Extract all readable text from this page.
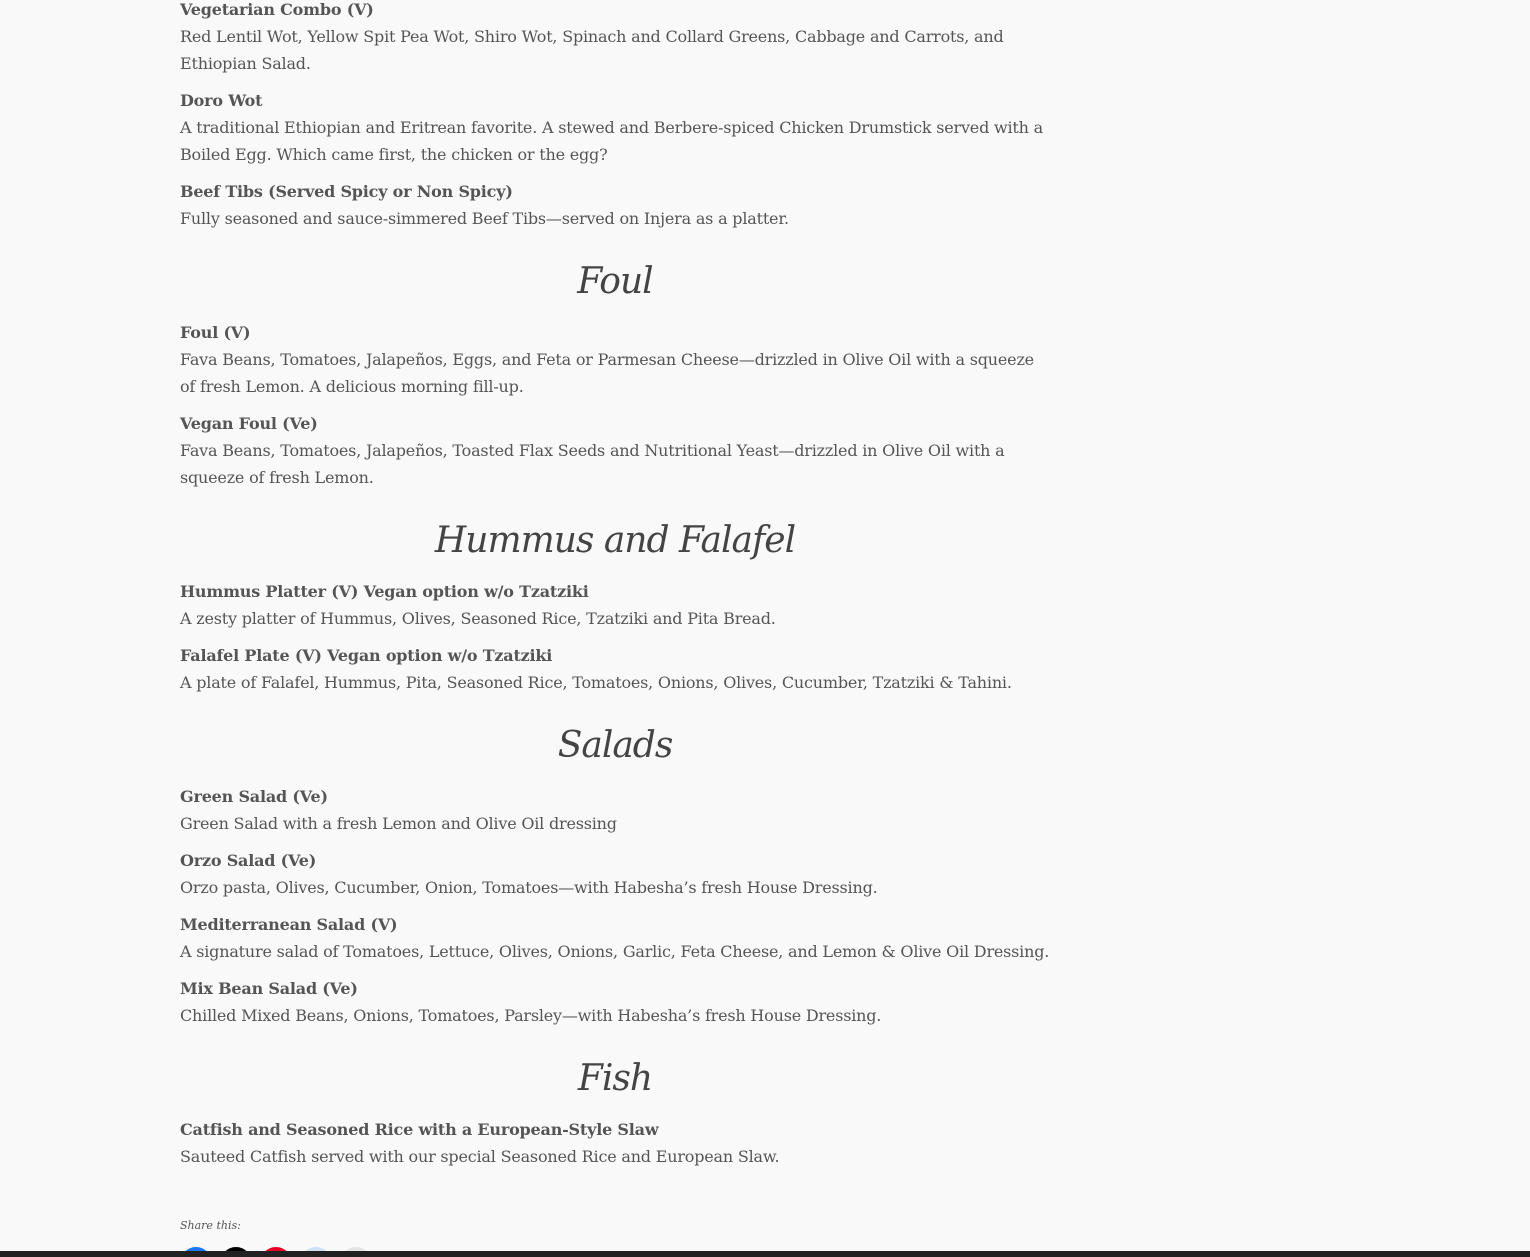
Vegetarian Combo (V)
Red Lentil Wot, Yellow Spit Pea Wot, Shiro Wot, Spinach and Collard Greens, Cabbage and Carrots, and Ethiopian Salad.
Doro Wot
A traditional Ethiopian and Eritrean favorite. A stewed and Berbere-spiced Chicken Drumstick served with a Boiled Egg. Which came first, the chicken or the egg?
Beef Tibs (Served Spicy or Non Spicy)
Fully seasoned and sauce-simmered Beef Tibs—served on Injera as a platter.
Foul
Foul (V)
Fava Beans, Tomatoes, Jalapeños, Eggs, and Feta or Parmesan Cheese—drizzled in Olive Oil with a squeeze of fresh Lemon. A delicious morning fill-up.
Vegan Foul (Ve)
Fava Beans, Tomatoes, Jalapeños, Toasted Flax Seeds and Nutritional Yeast—drizzled in Olive Oil with a squeeze of fresh Lemon.
Hummus and Falafel
Hummus Platter (V) Vegan option w/o Tzatziki
A zesty platter of Hummus, Olives, Seasoned Rice, Tzatziki and Pita Bread.
Falafel Plate (V) Vegan option w/o Tzatziki
A plate of Falafel, Hummus, Pita, Seasoned Rice, Tomatoes, Onions, Olives, Cucumber, Tzatziki & Tahini.
Salads
Green Salad (Ve)
Green Salad with a fresh Lemon and Olive Oil dressing
Orzo Salad (Ve)
Orzo pasta, Olives, Cucumber, Onion, Tomatoes—with Habesha’s fresh House Dressing.
Mediterranean Salad (V)
A signature salad of Tomatoes, Lettuce, Olives, Onions, Garlic, Feta Cheese, and Lemon & Olive Oil Dressing.
Mix Bean Salad (Ve)
Chilled Mixed Beans, Onions, Tomatoes, Parsley—with Habesha’s fresh House Dressing.
Fish
Catfish and Seasoned Rice with a European-Style Slaw
Sauteed Catfish served with our special Seasoned Rice and European Slaw.
Share this:
